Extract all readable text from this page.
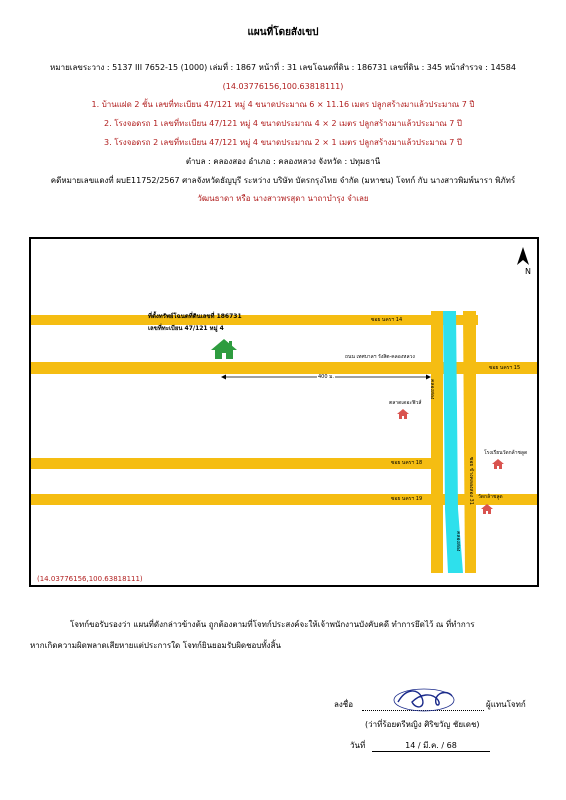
แผนที่โดยสังเขป
หมายเลขระวาง : 5137 III 7652-15 (1000) เล่มที่ : 1867 หน้าที่ : 31 เลขโฉนดที่ดิน : 186731 เลขที่ดิน : 345 หน้าสำรวจ : 14584
(14.03776156,100.63818111)
1. บ้านแฝด 2 ชั้น เลขที่ทะเบียน 47/121 หมู่ 4 ขนาดประมาณ 6 × 11.16 เมตร ปลูกสร้างมาแล้วประมาณ 7 ปี
2. โรงจอดรถ 1 เลขที่ทะเบียน 47/121 หมู่ 4 ขนาดประมาณ 4 × 2 เมตร ปลูกสร้างมาแล้วประมาณ 7 ปี
3. โรงจอดรถ 2 เลขที่ทะเบียน 47/121 หมู่ 4 ขนาดประมาณ 2 × 1 เมตร ปลูกสร้างมาแล้วประมาณ 7 ปี
ตำบล : คลองสอง อำเภอ : คลองหลวง จังหวัด : ปทุมธานี
คดีหมายเลขแดงที่ ผบE11752/2567 ศาลจังหวัดธัญบุรี ระหว่าง บริษัท บัตรกรุงไทย จำกัด (มหาชน) โจทก์ กับ นางสาวพิมพ์นารา พิภัทร์
วัฒนธาดา หรือ นางสาวพรสุดา นาถาบำรุง จำเลย
N
400 ม.
ซอย นครฯ 14
ซอย นครฯ 15
ถนน เทศบาลฯ รังสิต-คลองหลวง
ซอย นครฯ 18
ซอย นครฯ 19
คลองสอง
คลองสอง
ซอย ข้างคลองสอง 31
ที่ตั้งทรัพย์โฉนดที่ดินเลขที่ 186731
เลขที่ทะเบียน 47/121 หมู่ 4
ตลาดเดอะฟิวส์
โรงเรียนวัดกล้าชลูด
วัดกล้าชลูด
(14.03776156,100.63818111)
โจทก์ขอรับรองว่า แผนที่ดังกล่าวข้างต้น ถูกต้องตามที่โจทก์ประสงค์จะให้เจ้าพนักงานบังคับคดี ทำการยึดไว้ ณ ที่ทำการ
หากเกิดความผิดพลาดเสียหายแต่ประการใด โจทก์ยินยอมรับผิดชอบทั้งสิ้น
ลงชื่อ	ผู้แทนโจทก์
(ว่าที่ร้อยตรีหญิง ศิริขวัญ ชัยเดช)
วันที่	14 / มี.ค. / 68
